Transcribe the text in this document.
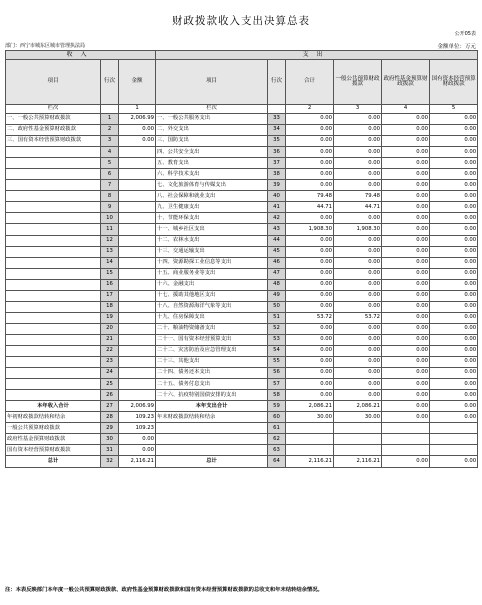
财政拨款收入支出决算总表
公开05表
部门：西宁市城东区城市管理执法局	金额单位：万元
收入			支出					
项目	行次	金额	项目	行次	合计	一般公共预算财政拨款	政府性基金预算财政拨款	国有资本经营预算财政拨款
栏次		1	栏次		2	3	4	5
一、一般公共预算财政拨款	1	2,006.99	一、一般公共服务支出	33	0.00	0.00	0.00	0.00
二、政府性基金预算财政拨款	2	0.00	二、外交支出	34	0.00	0.00	0.00	0.00
三、国有资本经营预算财政拨款	3	0.00	三、国防支出	35	0.00	0.00	0.00	0.00
	4		四、公共安全支出	36	0.00	0.00	0.00	0.00
	5		五、教育支出	37	0.00	0.00	0.00	0.00
	6		六、科学技术支出	38	0.00	0.00	0.00	0.00
	7		七、文化旅游体育与传媒支出	39	0.00	0.00	0.00	0.00
	8		八、社会保障和就业支出	40	79.48	79.48	0.00	0.00
	9		九、卫生健康支出	41	44.71	44.71	0.00	0.00
	10		十、节能环保支出	42	0.00	0.00	0.00	0.00
	11		十一、城乡社区支出	43	1,908.30	1,908.30	0.00	0.00
	12		十二、农林水支出	44	0.00	0.00	0.00	0.00
	13		十三、交通运输支出	45	0.00	0.00	0.00	0.00
	14		十四、资源勘探工业信息等支出	46	0.00	0.00	0.00	0.00
	15		十五、商业服务业等支出	47	0.00	0.00	0.00	0.00
	16		十六、金融支出	48	0.00	0.00	0.00	0.00
	17		十七、援助其他地区支出	49	0.00	0.00	0.00	0.00
	18		十八、自然资源海洋气象等支出	50	0.00	0.00	0.00	0.00
	19		十九、住房保障支出	51	53.72	53.72	0.00	0.00
	20		二十、粮油物资储备支出	52	0.00	0.00	0.00	0.00
	21		二十一、国有资本经营预算支出	53	0.00	0.00	0.00	0.00
	22		二十二、灾害防治及应急管理支出	54	0.00	0.00	0.00	0.00
	23		二十三、其他支出	55	0.00	0.00	0.00	0.00
	24		二十四、债务还本支出	56	0.00	0.00	0.00	0.00
	25		二十五、债务付息支出	57	0.00	0.00	0.00	0.00
	26		二十六、抗疫特别国债安排的支出	58	0.00	0.00	0.00	0.00
本年收入合计	27	2,006.99	本年支出合计	59	2,086.21	2,086.21	0.00	0.00
年初财政拨款结转和结余	28	109.23	年末财政拨款结转和结余	60	30.00	30.00	0.00	0.00
一般公共预算财政拨款	29	109.23		61				
政府性基金预算财政拨款	30	0.00		62				
国有资本经营预算财政拨款	31	0.00		63				
总计	32	2,116.21	总计	64	2,116.21	2,116.21	0.00	0.00
注：本表反映部门本年度一般公共预算财政拨款、政府性基金预算财政拨款和国有资本经营预算财政拨款的总收支和年末结转结余情况。
